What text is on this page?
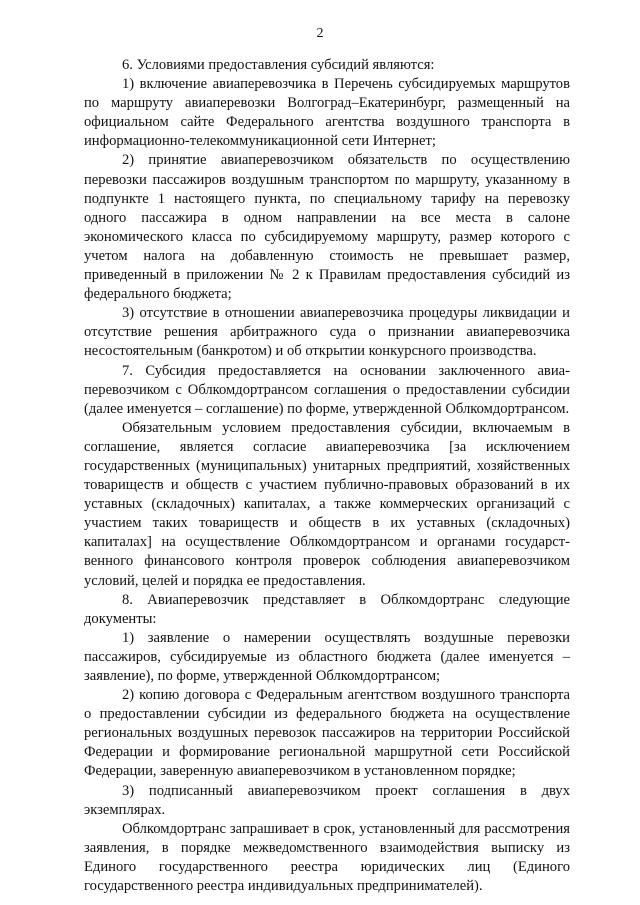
2

6. Условиями предоставления субсидий являются:

1) включение авиаперевозчика в Перечень субсидируемых маршрутов по маршруту авиаперевозки Волгоград–Екатеринбург, размещенный на официальном сайте Федерального агентства воздушного транспорта в информационно-телекоммуникационной сети Интернет;

2) принятие авиаперевозчиком обязательств по осуществлению перевозки пассажиров воздушным транспортом по маршруту, указанному в подпункте 1 настоящего пункта, по специальному тарифу на перевозку одного пассажира в одном направлении на все места в салоне экономического класса по субсидируемому маршруту, размер которого с учетом налога на добавленную стоимость не превышает размер, приведенный в приложении № 2 к Правилам предоставления субсидий из федерального бюджета;

3) отсутствие в отношении авиаперевозчика процедуры ликвидации и отсутствие решения арбитражного суда о признании авиаперевозчика несостоятельным (банкротом) и об открытии конкурсного производства.

7. Субсидия предоставляется на основании заключенного авиаперевозчиком с Облкомдортрансом соглашения о предоставлении субсидии (далее именуется – соглашение) по форме, утвержденной Облкомдортрансом.

Обязательным условием предоставления субсидии, включаемым в соглашение, является согласие авиаперевозчика [за исключением государственных (муниципальных) унитарных предприятий, хозяйственных товариществ и обществ с участием публично-правовых образований в их уставных (складочных) капиталах, а также коммерческих организаций с участием таких товариществ и обществ в их уставных (складочных) капиталах] на осуществление Облкомдортрансом и органами государственного финансового контроля проверок соблюдения авиаперевозчиком условий, целей и порядка ее предоставления.

8. Авиаперевозчик представляет в Облкомдортранс следующие документы:

1) заявление о намерении осуществлять воздушные перевозки пассажиров, субсидируемые из областного бюджета (далее именуется – заявление), по форме, утвержденной Облкомдортрансом;

2) копию договора с Федеральным агентством воздушного транспорта о предоставлении субсидии из федерального бюджета на осуществление региональных воздушных перевозок пассажиров на территории Российской Федерации и формирование региональной маршрутной сети Российской Федерации, заверенную авиаперевозчиком в установленном порядке;

3) подписанный авиаперевозчиком проект соглашения в двух экземплярах.

Облкомдортранс запрашивает в срок, установленный для рассмотрения заявления, в порядке межведомственного взаимодействия выписку из Единого государственного реестра юридических лиц (Единого государственного реестра индивидуальных предпринимателей).
